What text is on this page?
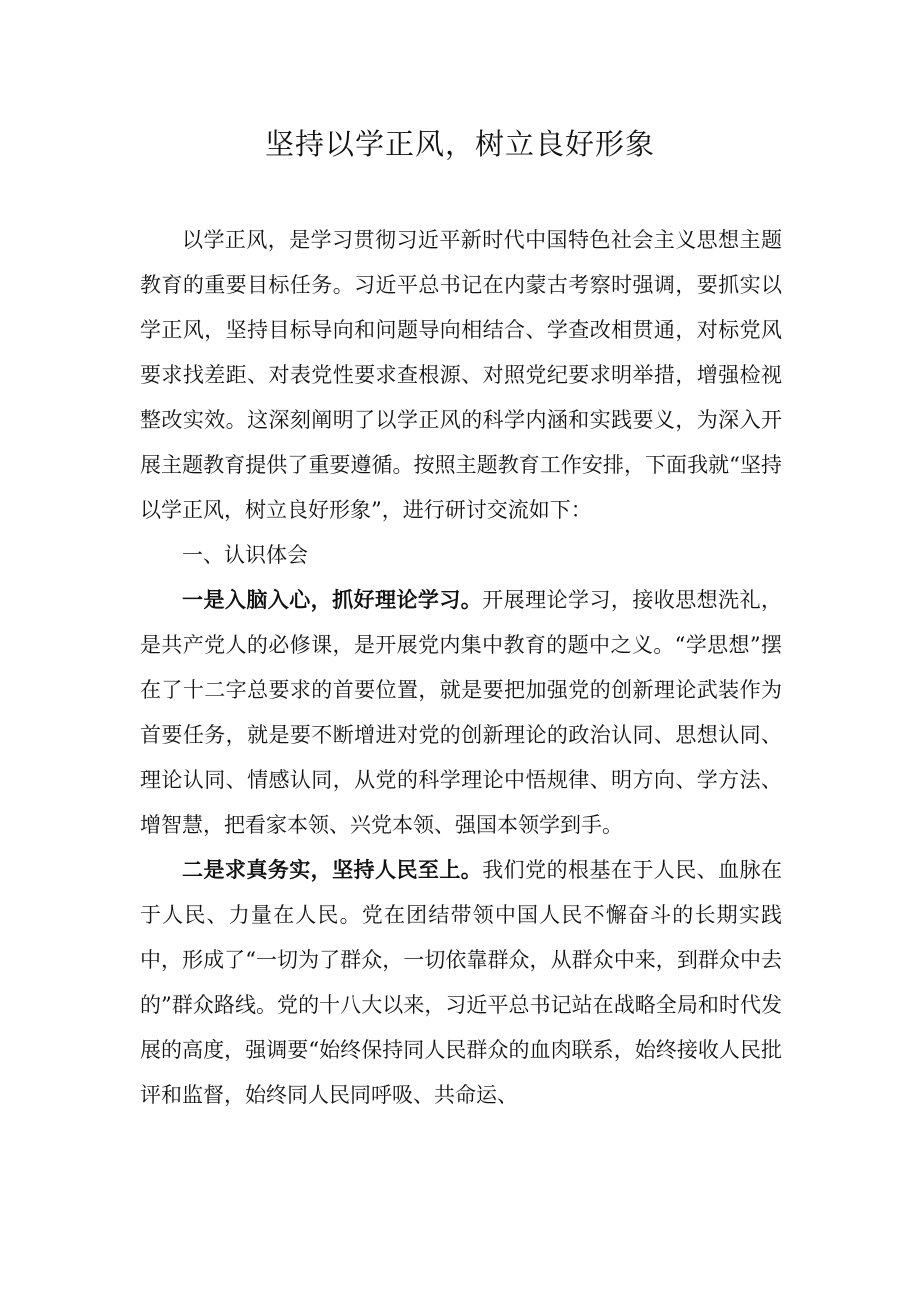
坚持以学正风，树立良好形象

以学正风，是学习贯彻习近平新时代中国特色社会主义思想主题教育的重要目标任务。习近平总书记在内蒙古考察时强调，要抓实以学正风，坚持目标导向和问题导向相结合、学查改相贯通，对标党风要求找差距、对表党性要求查根源、对照党纪要求明举措，增强检视整改实效。这深刻阐明了以学正风的科学内涵和实践要义，为深入开展主题教育提供了重要遵循。按照主题教育工作安排，下面我就“坚持以学正风，树立良好形象”，进行研讨交流如下：

一、认识体会

一是入脑入心，抓好理论学习。开展理论学习，接收思想洗礼，是共产党人的必修课，是开展党内集中教育的题中之义。“学思想”摆在了十二字总要求的首要位置，就是要把加强党的创新理论武装作为首要任务，就是要不断增进对党的创新理论的政治认同、思想认同、理论认同、情感认同，从党的科学理论中悟规律、明方向、学方法、增智慧，把看家本领、兴党本领、强国本领学到手。

二是求真务实，坚持人民至上。我们党的根基在于人民、血脉在于人民、力量在人民。党在团结带领中国人民不懈奋斗的长期实践中，形成了“一切为了群众，一切依靠群众，从群众中来，到群众中去的”群众路线。党的十八大以来，习近平总书记站在战略全局和时代发展的高度，强调要“始终保持同人民群众的血肉联系，始终接收人民批评和监督，始终同人民同呼吸、共命运、
